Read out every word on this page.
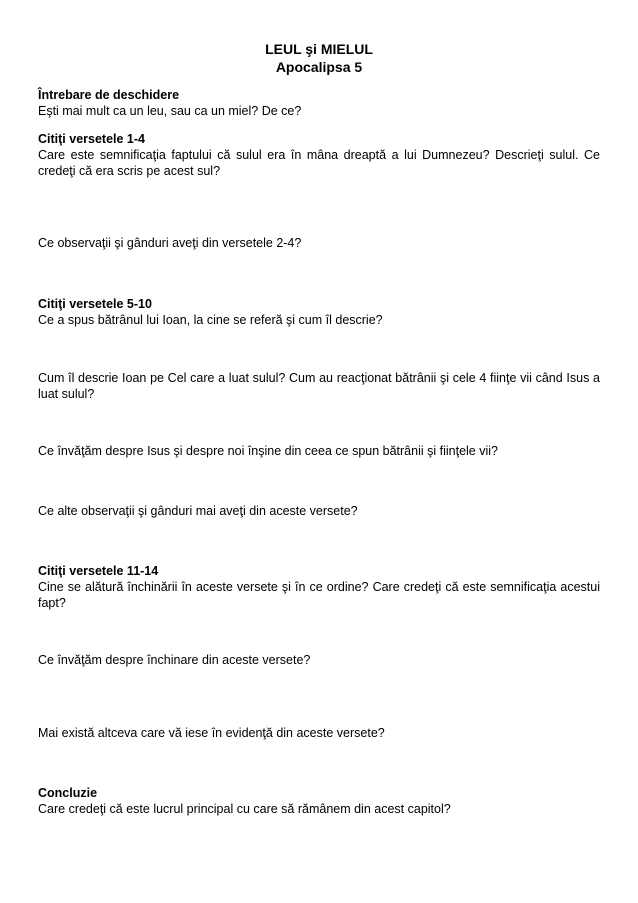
LEUL şi MIELUL
Apocalipsa 5
Întrebare de deschidere
Eşti mai mult ca un leu, sau ca un miel? De ce?
Citiţi versetele 1-4
Care este semnificaţia faptului că sulul era în mâna dreaptă a lui Dumnezeu? Descrieţi sulul. Ce credeţi că era scris pe acest sul?
Ce observaţii şi gânduri aveţi din versetele 2-4?
Citiţi versetele 5-10
Ce a spus bătrânul lui Ioan, la cine se referă şi cum îl descrie?
Cum îl descrie Ioan pe Cel care a luat sulul? Cum au reacţionat bătrânii şi cele 4 fiinţe vii când Isus a luat sulul?
Ce învăţăm despre Isus şi despre noi înşine din ceea ce spun bătrânii şi fiinţele vii?
Ce alte observaţii şi gânduri mai aveţi din aceste versete?
Citiţi versetele 11-14
Cine se alătură închinării în aceste versete şi în ce ordine? Care credeţi că este semnificaţia acestui fapt?
Ce învăţăm despre închinare din aceste versete?
Mai există altceva care vă iese în evidenţă din aceste versete?
Concluzie
Care credeţi că este lucrul principal cu care să rămânem din acest capitol?
